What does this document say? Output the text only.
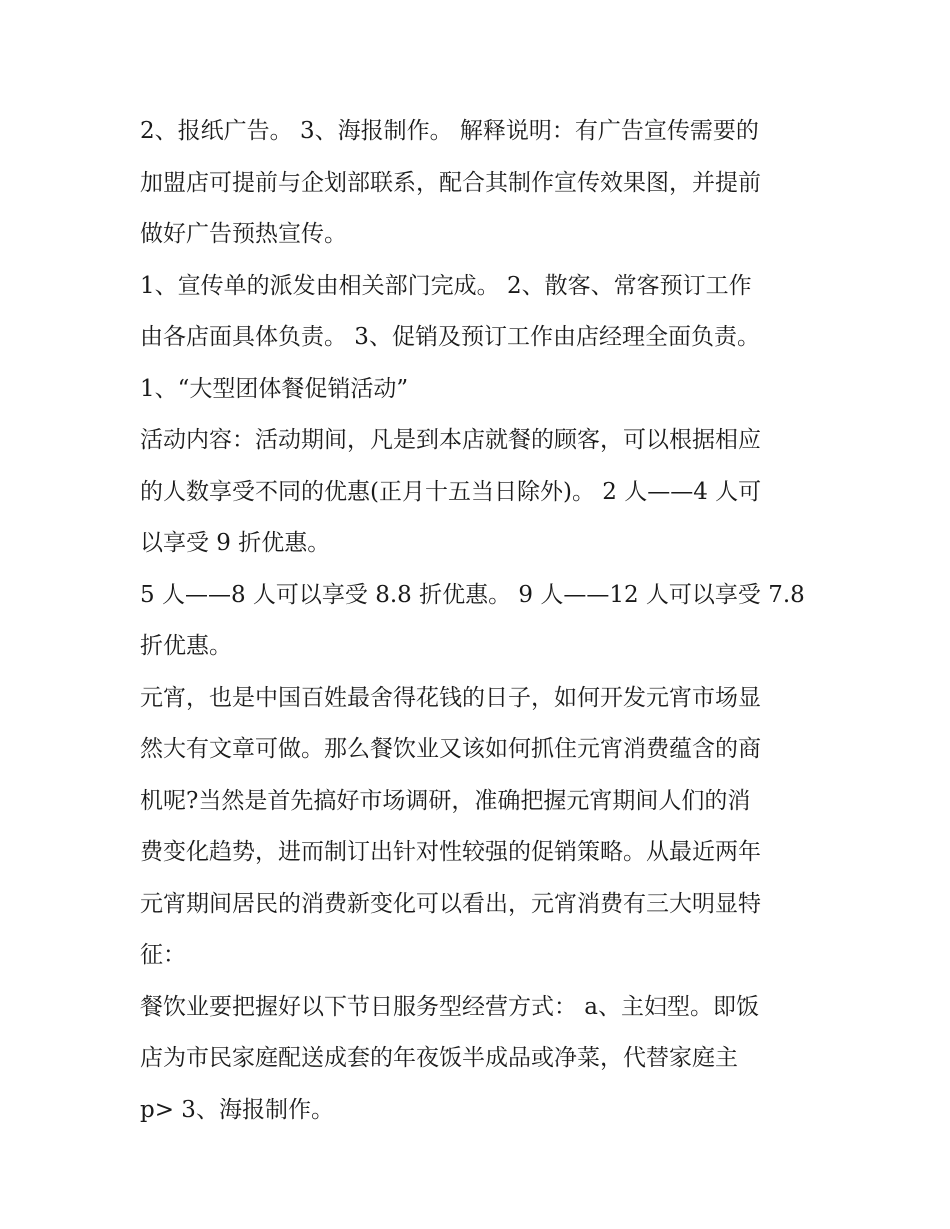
2、报纸广告。 3、海报制作。 解释说明：有广告宣传需要的
加盟店可提前与企划部联系，配合其制作宣传效果图，并提前
做好广告预热宣传。
1、宣传单的派发由相关部门完成。 2、散客、常客预订工作
由各店面具体负责。 3、促销及预订工作由店经理全面负责。
1、“大型团体餐促销活动”
活动内容：活动期间，凡是到本店就餐的顾客，可以根据相应
的人数享受不同的优惠(正月十五当日除外)。 2 人——4 人可
以享受 9 折优惠。
5 人——8 人可以享受 8.8 折优惠。 9 人——12 人可以享受 7.8
折优惠。
元宵，也是中国百姓最舍得花钱的日子，如何开发元宵市场显
然大有文章可做。那么餐饮业又该如何抓住元宵消费蕴含的商
机呢?当然是首先搞好市场调研，准确把握元宵期间人们的消
费变化趋势，进而制订出针对性较强的促销策略。从最近两年
元宵期间居民的消费新变化可以看出，元宵消费有三大明显特
征：
餐饮业要把握好以下节日服务型经营方式： a、主妇型。即饭
店为市民家庭配送成套的年夜饭半成品或净菜，代替家庭主
p> 3、海报制作。
